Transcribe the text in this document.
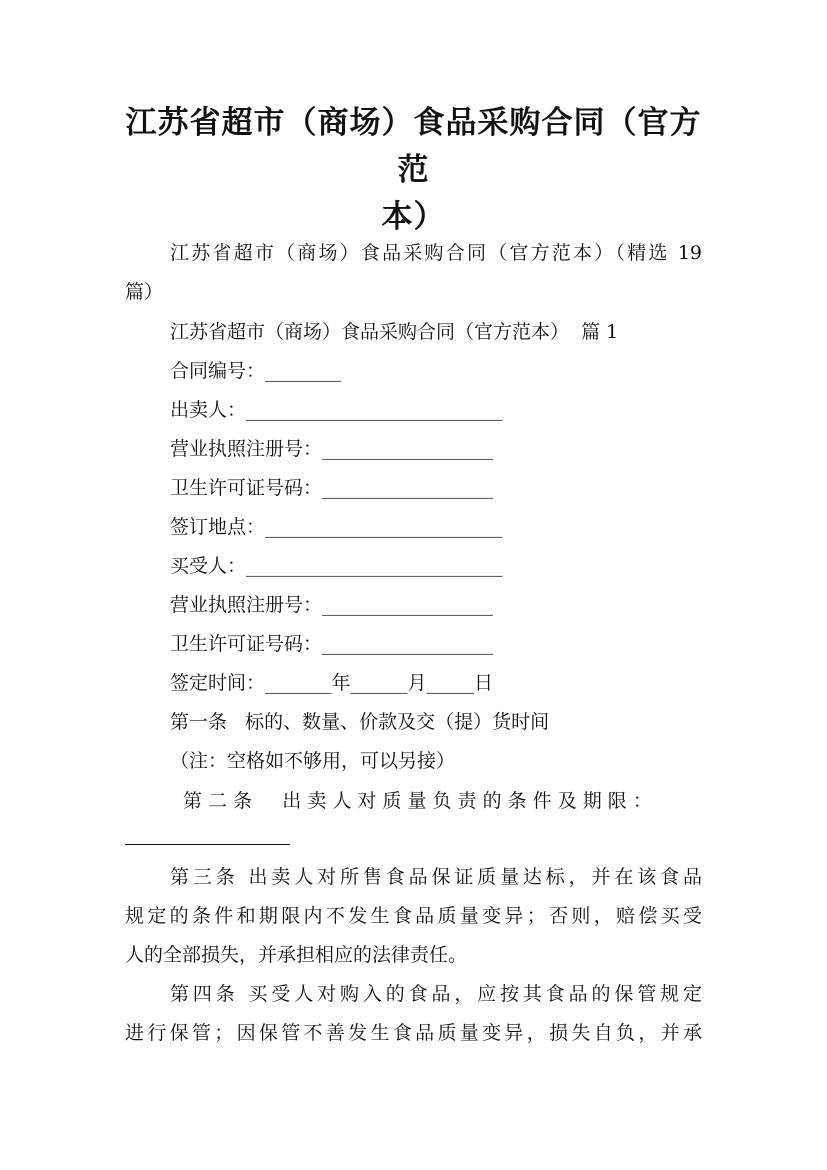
江苏省超市（商场）食品采购合同（官方范
本）
江苏省超市（商场）食品采购合同（官方范本）（精选 19
篇）
江苏省超市（商场）食品采购合同（官方范本）  篇 1
合同编号：________
出卖人：___________________________
营业执照注册号：__________________
卫生许可证号码：__________________
签订地点：_________________________
买受人：___________________________
营业执照注册号：__________________
卫生许可证号码：__________________
签定时间：_______年______月_____日
第一条   标的、数量、价款及交（提）货时间
（注：空格如不够用，可以另接）
第 二 条     出 卖 人 对 质 量 负 责 的 条 件 及 期 限 ：
第三条 出卖人对所售食品保证质量达标，并在该食品
规定的条件和期限内不发生食品质量变异；否则，赔偿买受
人的全部损失，并承担相应的法律责任。
第四条 买受人对购入的食品，应按其食品的保管规定
进行保管；因保管不善发生食品质量变异，损失自负，并承
